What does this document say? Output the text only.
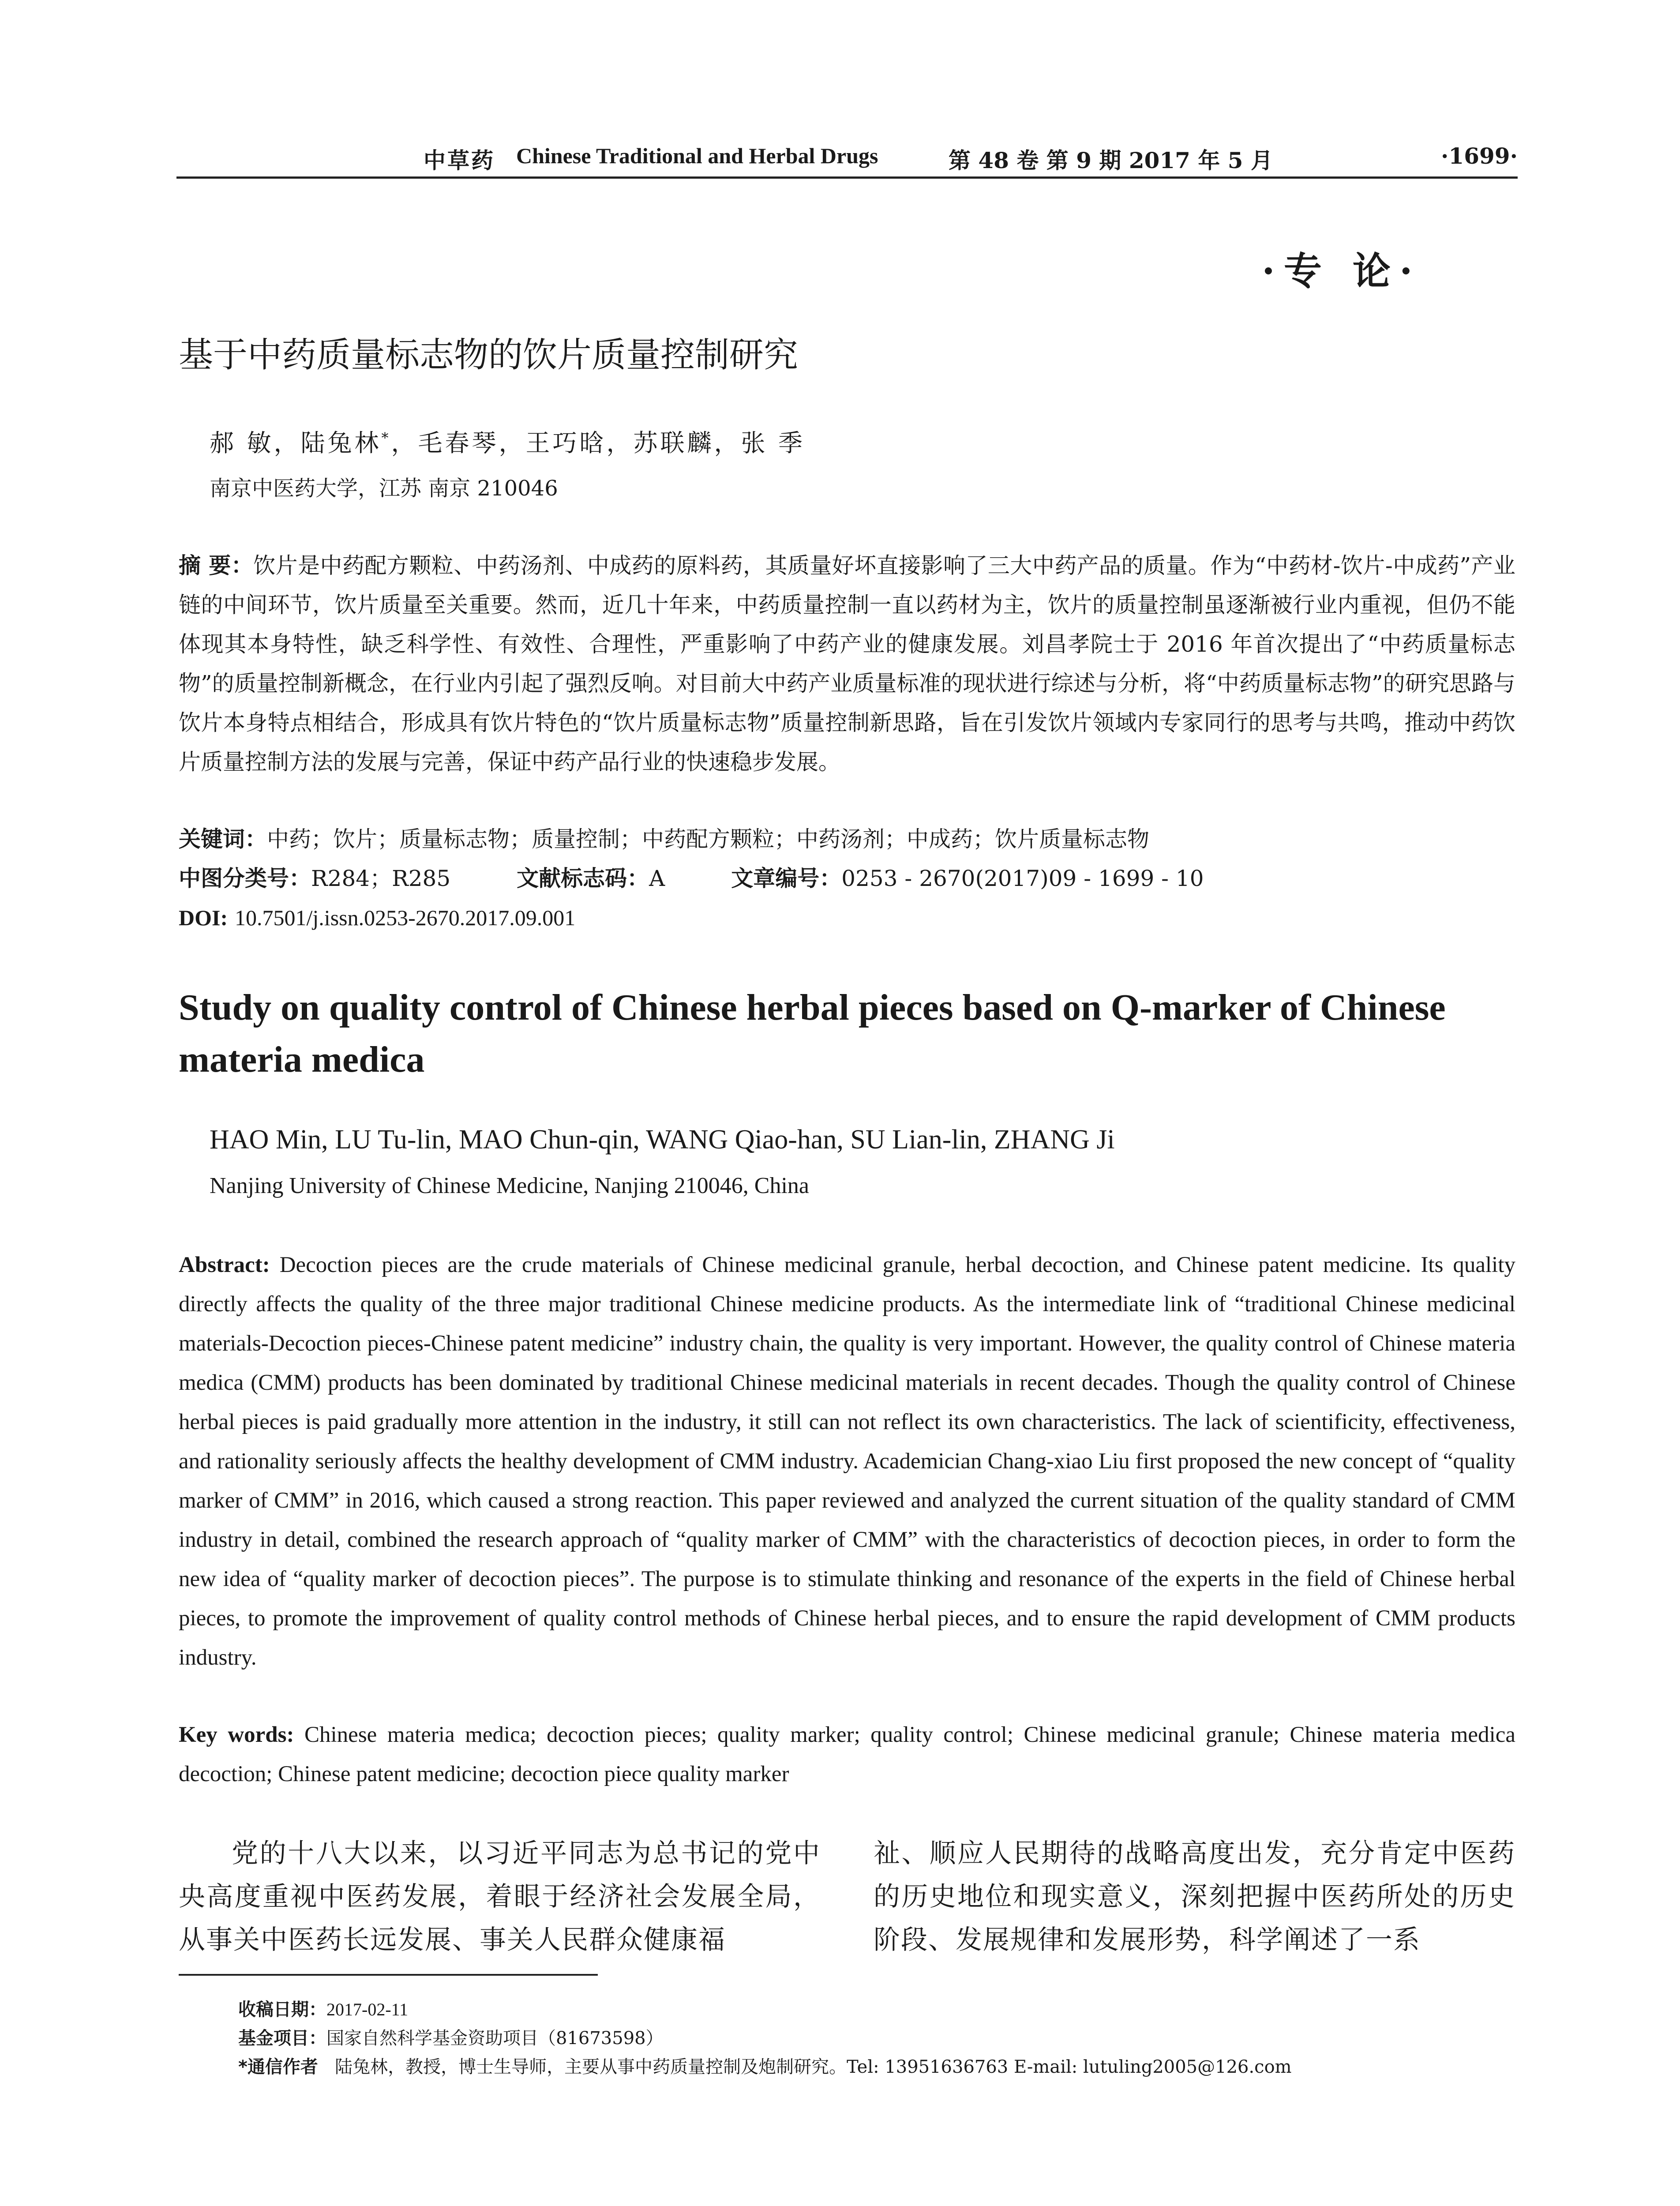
中草药 Chinese Traditional and Herbal Drugs	第 48 卷 第 9 期 2017 年 5 月	·1699·
·专 论·
基于中药质量标志物的饮片质量控制研究
郝 敏，陆兔林*，毛春琴，王巧晗，苏联麟，张 季
南京中医药大学，江苏 南京 210046

摘 要：饮片是中药配方颗粒、中药汤剂、中成药的原料药，其质量好坏直接影响了三大中药产品的质量。作为“中药材-饮片-中成药”产业链的中间环节，饮片质量至关重要。然而，近几十年来，中药质量控制一直以药材为主，饮片的质量控制虽逐渐被行业内重视，但仍不能体现其本身特性，缺乏科学性、有效性、合理性，严重影响了中药产业的健康发展。刘昌孝院士于 2016 年首次提出了“中药质量标志物”的质量控制新概念，在行业内引起了强烈反响。对目前大中药产业质量标准的现状进行综述与分析，将“中药质量标志物”的研究思路与饮片本身特点相结合，形成具有饮片特色的“饮片质量标志物”质量控制新思路，旨在引发饮片领域内专家同行的思考与共鸣，推动中药饮片质量控制方法的发展与完善，保证中药产品行业的快速稳步发展。

关键词：中药；饮片；质量标志物；质量控制；中药配方颗粒；中药汤剂；中成药；饮片质量标志物

中图分类号：R284；R285	文献标志码：A	文章编号：0253 - 2670(2017)09 - 1699 - 10

DOI: 10.7501/j.issn.0253-2670.2017.09.001

Study on quality control of Chinese herbal pieces based on Q-marker of Chinese materia medica
HAO Min, LU Tu-lin, MAO Chun-qin, WANG Qiao-han, SU Lian-lin, ZHANG Ji
Nanjing University of Chinese Medicine, Nanjing 210046, China

Abstract: Decoction pieces are the crude materials of Chinese medicinal granule, herbal decoction, and Chinese patent medicine. Its quality directly affects the quality of the three major traditional Chinese medicine products. As the intermediate link of “traditional Chinese medicinal materials-Decoction pieces-Chinese patent medicine” industry chain, the quality is very important. However, the quality control of Chinese materia medica (CMM) products has been dominated by traditional Chinese medicinal materials in recent decades. Though the quality control of Chinese herbal pieces is paid gradually more attention in the industry, it still can not reflect its own characteristics. The lack of scientificity, effectiveness, and rationality seriously affects the healthy development of CMM industry. Academician Chang-xiao Liu first proposed the new concept of “quality marker of CMM” in 2016, which caused a strong reaction. This paper reviewed and analyzed the current situation of the quality standard of CMM industry in detail, combined the research approach of “quality marker of CMM” with the characteristics of decoction pieces, in order to form the new idea of “quality marker of decoction pieces”. The purpose is to stimulate thinking and resonance of the experts in the field of Chinese herbal pieces, to promote the improvement of quality control methods of Chinese herbal pieces, and to ensure the rapid development of CMM products industry.

Key words: Chinese materia medica; decoction pieces; quality marker; quality control; Chinese medicinal granule; Chinese materia medica decoction; Chinese patent medicine; decoction piece quality marker

党的十八大以来，以习近平同志为总书记的党中央高度重视中医药发展，着眼于经济社会发展全局，从事关中医药长远发展、事关人民群众健康福

祉、顺应人民期待的战略高度出发，充分肯定中医药的历史地位和现实意义，深刻把握中医药所处的历史阶段、发展规律和发展形势，科学阐述了一系

收稿日期：2017-02-11
基金项目：国家自然科学基金资助项目（81673598）
*通信作者 陆兔林，教授，博士生导师，主要从事中药质量控制及炮制研究。Tel: 13951636763 E-mail: lutuling2005@126.com
